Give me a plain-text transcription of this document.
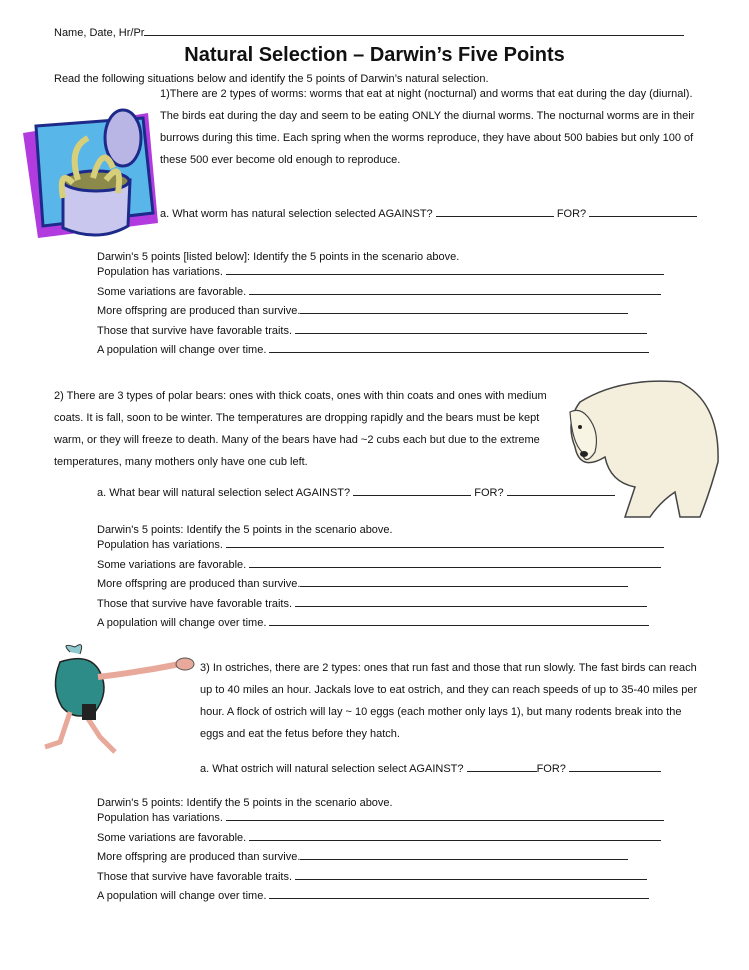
Name, Date, Hr/Pr
Natural Selection – Darwin’s Five Points
Read the following situations below and identify the 5 points of Darwin’s natural selection.
1)There are 2 types of worms: worms that eat at night (nocturnal) and worms that eat during the day (diurnal). The birds eat during the day and seem to be eating ONLY the diurnal worms. The nocturnal worms are in their burrows during this time. Each spring when the worms reproduce, they have about 500 babies but only 100 of these 500 ever become old enough to reproduce.
a. What worm has natural selection selected AGAINST?	FOR?
Darwin's 5 points [listed below]: Identify the 5 points in the scenario above.
Population has variations.
Some variations are favorable.
More offspring are produced than survive.
Those that survive have favorable traits.
A population will change over time.
2) There are 3 types of polar bears: ones with thick coats, ones with thin coats and ones with medium coats. It is fall, soon to be winter. The temperatures are dropping rapidly and the bears must be kept warm, or they will freeze to death. Many of the bears have had ~2 cubs each but due to the extreme temperatures, many mothers only have one cub left.
a. What bear will natural selection select AGAINST?	FOR?
Darwin's 5 points: Identify the 5 points in the scenario above.
Population has variations.
Some variations are favorable.
More offspring are produced than survive.
Those that survive have favorable traits.
A population will change over time.
3) In ostriches, there are 2 types: ones that run fast and those that run slowly. The fast birds can reach up to 40 miles an hour. Jackals love to eat ostrich, and they can reach speeds of up to 35-40 miles per hour. A flock of ostrich will lay ~ 10 eggs (each mother only lays 1), but many rodents break into the eggs and eat the fetus before they hatch.
a. What ostrich will natural selection select AGAINST?	FOR?
Darwin's 5 points: Identify the 5 points in the scenario above.
Population has variations.
Some variations are favorable.
More offspring are produced than survive.
Those that survive have favorable traits.
A population will change over time.
